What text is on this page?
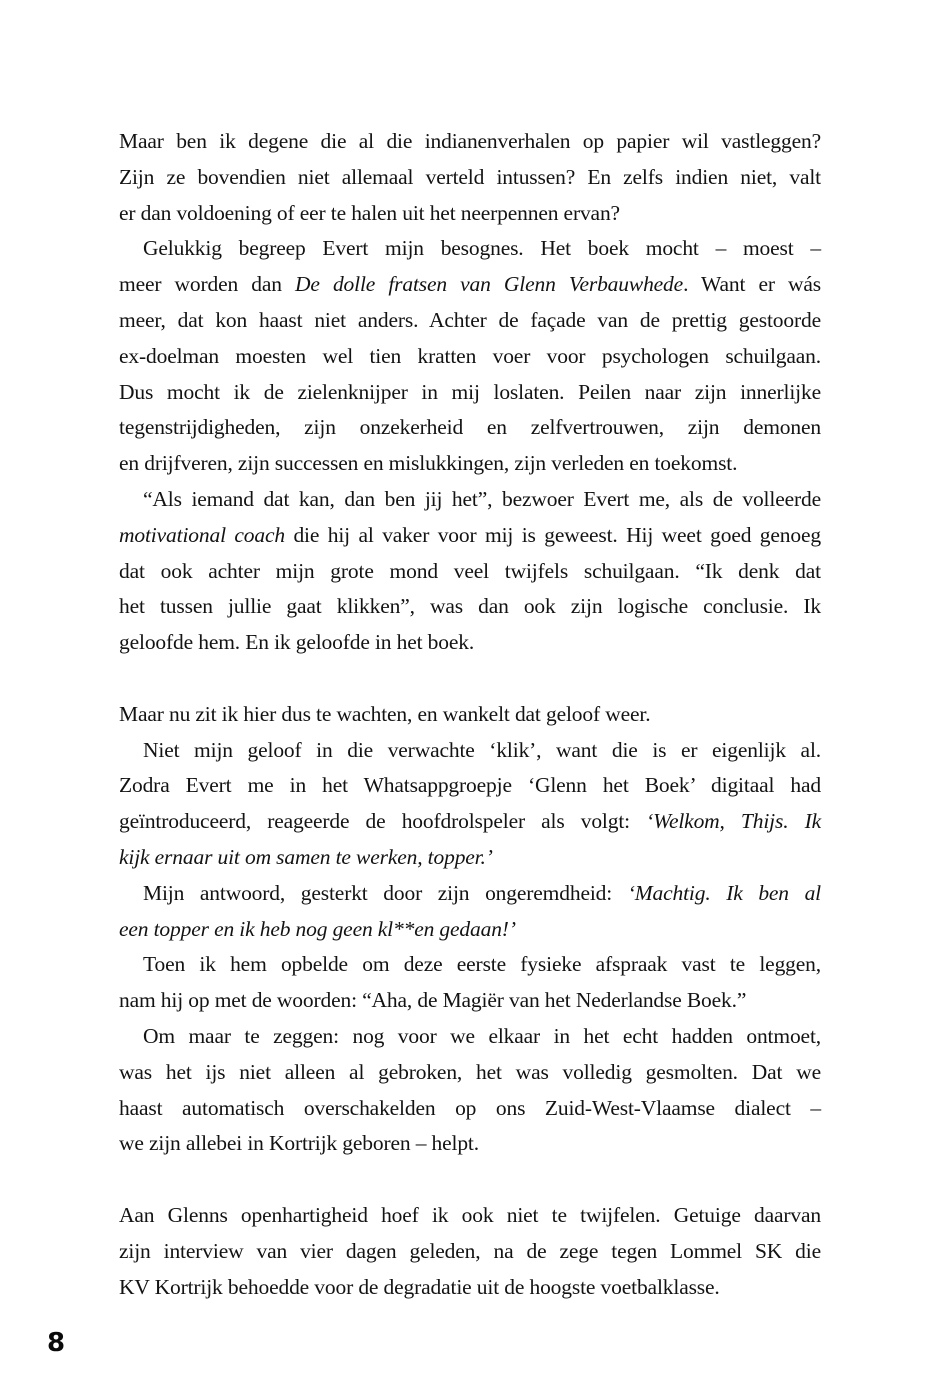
Maar ben ik degene die al die indianenverhalen op papier wil vastleggen?
Zijn ze bovendien niet allemaal verteld intussen? En zelfs indien niet, valt
er dan voldoening of eer te halen uit het neerpennen ervan?
Gelukkig begreep Evert mijn besognes. Het boek mocht – moest –
meer worden dan De dolle fratsen van Glenn Verbauwhede. Want er wás
meer, dat kon haast niet anders. Achter de façade van de prettig gestoorde
ex-doelman moesten wel tien kratten voer voor psychologen schuilgaan.
Dus mocht ik de zielenknijper in mij loslaten. Peilen naar zijn innerlijke
tegenstrijdigheden, zijn onzekerheid en zelfvertrouwen, zijn demonen
en drijfveren, zijn successen en mislukkingen, zijn verleden en toekomst.
“Als iemand dat kan, dan ben jij het”, bezwoer Evert me, als de volleerde
motivational coach die hij al vaker voor mij is geweest. Hij weet goed genoeg
dat ook achter mijn grote mond veel twijfels schuilgaan. “Ik denk dat
het tussen jullie gaat klikken”, was dan ook zijn logische conclusie. Ik
geloofde hem. En ik geloofde in het boek.
Maar nu zit ik hier dus te wachten, en wankelt dat geloof weer.
Niet mijn geloof in die verwachte ‘klik’, want die is er eigenlijk al.
Zodra Evert me in het Whatsappgroepje ‘Glenn het Boek’ digitaal had
geïntroduceerd, reageerde de hoofdrolspeler als volgt: ‘Welkom, Thijs. Ik
kijk ernaar uit om samen te werken, topper.’
Mijn antwoord, gesterkt door zijn ongeremdheid: ‘Machtig. Ik ben al
een topper en ik heb nog geen kl**en gedaan!’
Toen ik hem opbelde om deze eerste fysieke afspraak vast te leggen,
nam hij op met de woorden: “Aha, de Magiër van het Nederlandse Boek.”
Om maar te zeggen: nog voor we elkaar in het echt hadden ontmoet,
was het ijs niet alleen al gebroken, het was volledig gesmolten. Dat we
haast automatisch overschakelden op ons Zuid-West-Vlaamse dialect –
we zijn allebei in Kortrijk geboren – helpt.
Aan Glenns openhartigheid hoef ik ook niet te twijfelen. Getuige daarvan
zijn interview van vier dagen geleden, na de zege tegen Lommel SK die
KV Kortrijk behoedde voor de degradatie uit de hoogste voetbalklasse.
8
